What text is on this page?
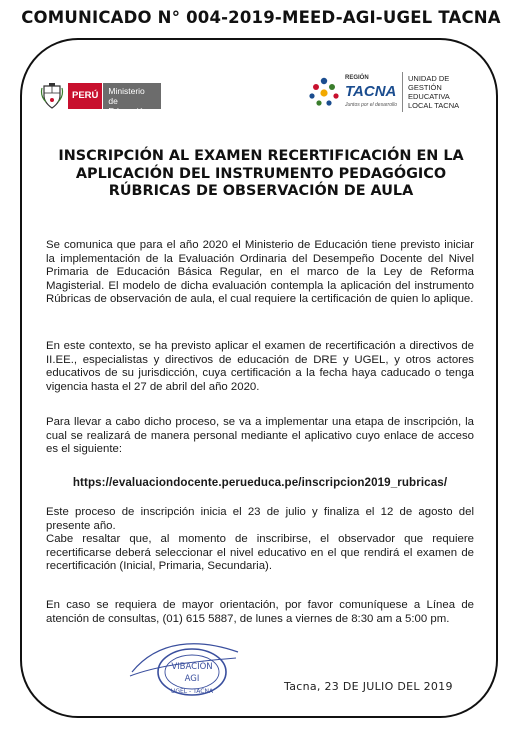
COMUNICADO N° 004-2019-MEED-AGI-UGEL TACNA
PERÚ	Ministerio de Educación
REGIÓN
TACNA
Juntos por el desarrollo
UNIDAD DE
GESTIÓN
EDUCATIVA
LOCAL TACNA
INSCRIPCIÓN AL EXAMEN RECERTIFICACIÓN EN LA APLICACIÓN DEL INSTRUMENTO PEDAGÓGICO RÚBRICAS DE OBSERVACIÓN DE AULA

Se comunica que para el año 2020 el Ministerio de Educación tiene previsto iniciar la implementación de la Evaluación Ordinaria del Desempeño Docente del Nivel Primaria de Educación Básica Regular, en el marco de la Ley de Reforma Magisterial. El modelo de dicha evaluación contempla la aplicación del instrumento Rúbricas de observación de aula, el cual requiere la certificación de quien lo aplique.

En este contexto, se ha previsto aplicar el examen de recertificación a directivos de II.EE., especialistas y directivos de educación de DRE y UGEL, y otros actores educativos de su jurisdicción, cuya certificación a la fecha haya caducado o tenga vigencia hasta el 27 de abril del año 2020.

Para llevar a cabo dicho proceso, se va a implementar una etapa de inscripción, la cual se realizará de manera personal mediante el aplicativo cuyo enlace de acceso es el siguiente:

https://evaluaciondocente.perueduca.pe/inscripcion2019_rubricas/

Este proceso de inscripción inicia el 23 de julio y finaliza el 12 de agosto del presente año.

Cabe resaltar que, al momento de inscribirse, el observador que requiere recertificarse deberá seleccionar el nivel educativo en el que rendirá el examen de recertificación (Inicial, Primaria, Secundaria).

En caso se requiera de mayor orientación, por favor comuníquese a Línea de atención de consultas, (01) 615 5887, de lunes a viernes de 8:30 am a 5:00 pm.

VIBACIÓN
AGI
UGEL - TACNA	Tacna, 23 DE JULIO DEL 2019
